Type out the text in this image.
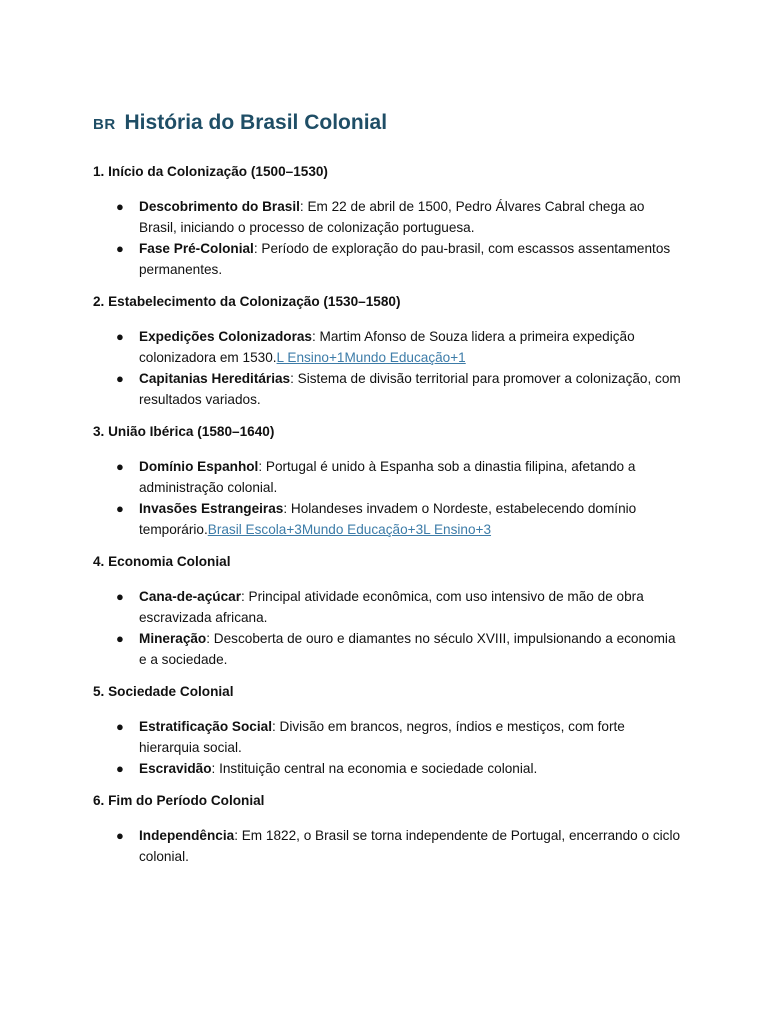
BR História do Brasil Colonial

1. Início da Colonização (1500–1530)

● Descobrimento do Brasil: Em 22 de abril de 1500, Pedro Álvares Cabral chega ao Brasil, iniciando o processo de colonização portuguesa.
● Fase Pré-Colonial: Período de exploração do pau-brasil, com escassos assentamentos permanentes.

2. Estabelecimento da Colonização (1530–1580)

● Expedições Colonizadoras: Martim Afonso de Souza lidera a primeira expedição colonizadora em 1530.L Ensino+1Mundo Educação+1
● Capitanias Hereditárias: Sistema de divisão territorial para promover a colonização, com resultados variados.

3. União Ibérica (1580–1640)

● Domínio Espanhol: Portugal é unido à Espanha sob a dinastia filipina, afetando a administração colonial.
● Invasões Estrangeiras: Holandeses invadem o Nordeste, estabelecendo domínio temporário.Brasil Escola+3Mundo Educação+3L Ensino+3

4. Economia Colonial

● Cana-de-açúcar: Principal atividade econômica, com uso intensivo de mão de obra escravizada africana.
● Mineração: Descoberta de ouro e diamantes no século XVIII, impulsionando a economia e a sociedade.

5. Sociedade Colonial

● Estratificação Social: Divisão em brancos, negros, índios e mestiços, com forte hierarquia social.
● Escravidão: Instituição central na economia e sociedade colonial.

6. Fim do Período Colonial

● Independência: Em 1822, o Brasil se torna independente de Portugal, encerrando o ciclo colonial.
